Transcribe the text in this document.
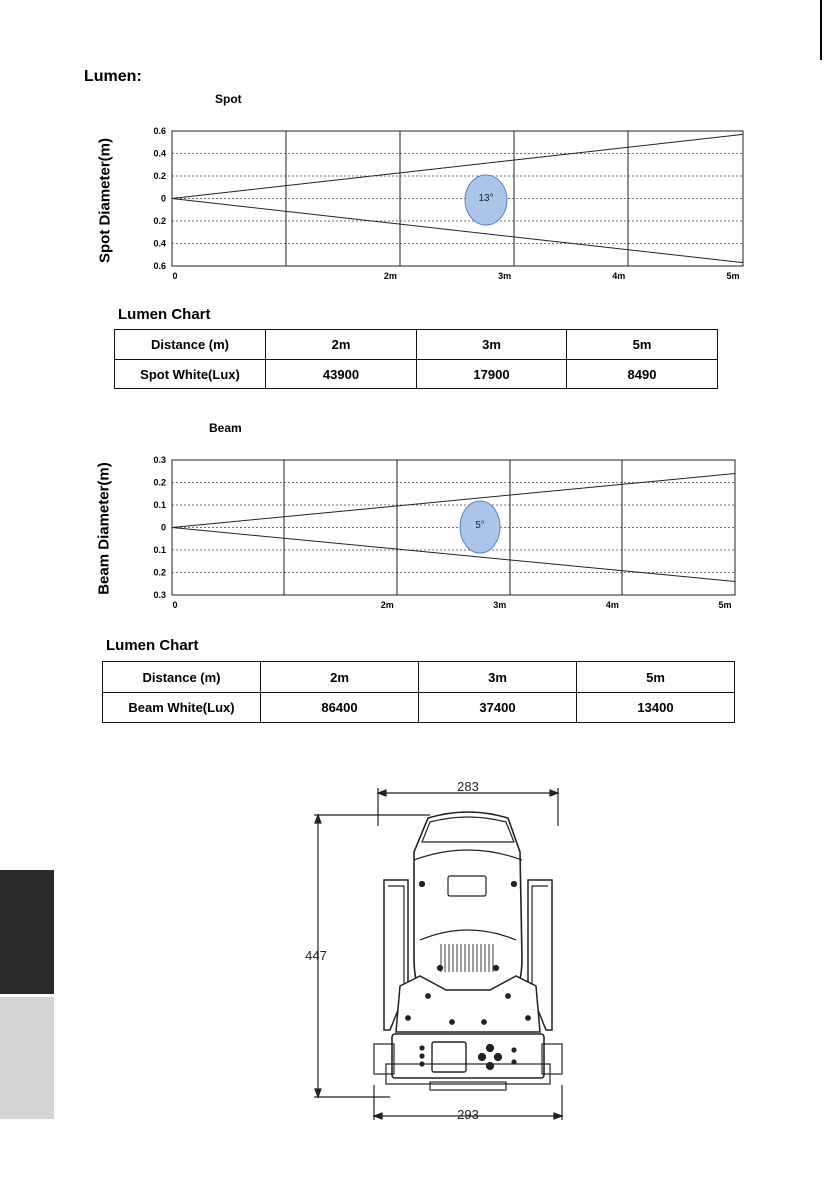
Lumen:
Spot
Spot Diameter(m)
0.6
0.4
0.2
0
0.2
0.4
0.6
0	2m	3m	4m	5m
13°
Lumen Chart
Distance (m)	2m	3m	5m
Spot White(Lux)	43900	17900	8490
Beam
Beam Diameter(m)
0.3
0.2
0.1
0
0.1
0.2
0.3
0	2m	3m	4m	5m
5°
Lumen Chart
Distance (m)	2m	3m	5m
Beam White(Lux)	86400	37400	13400
283
447
293
